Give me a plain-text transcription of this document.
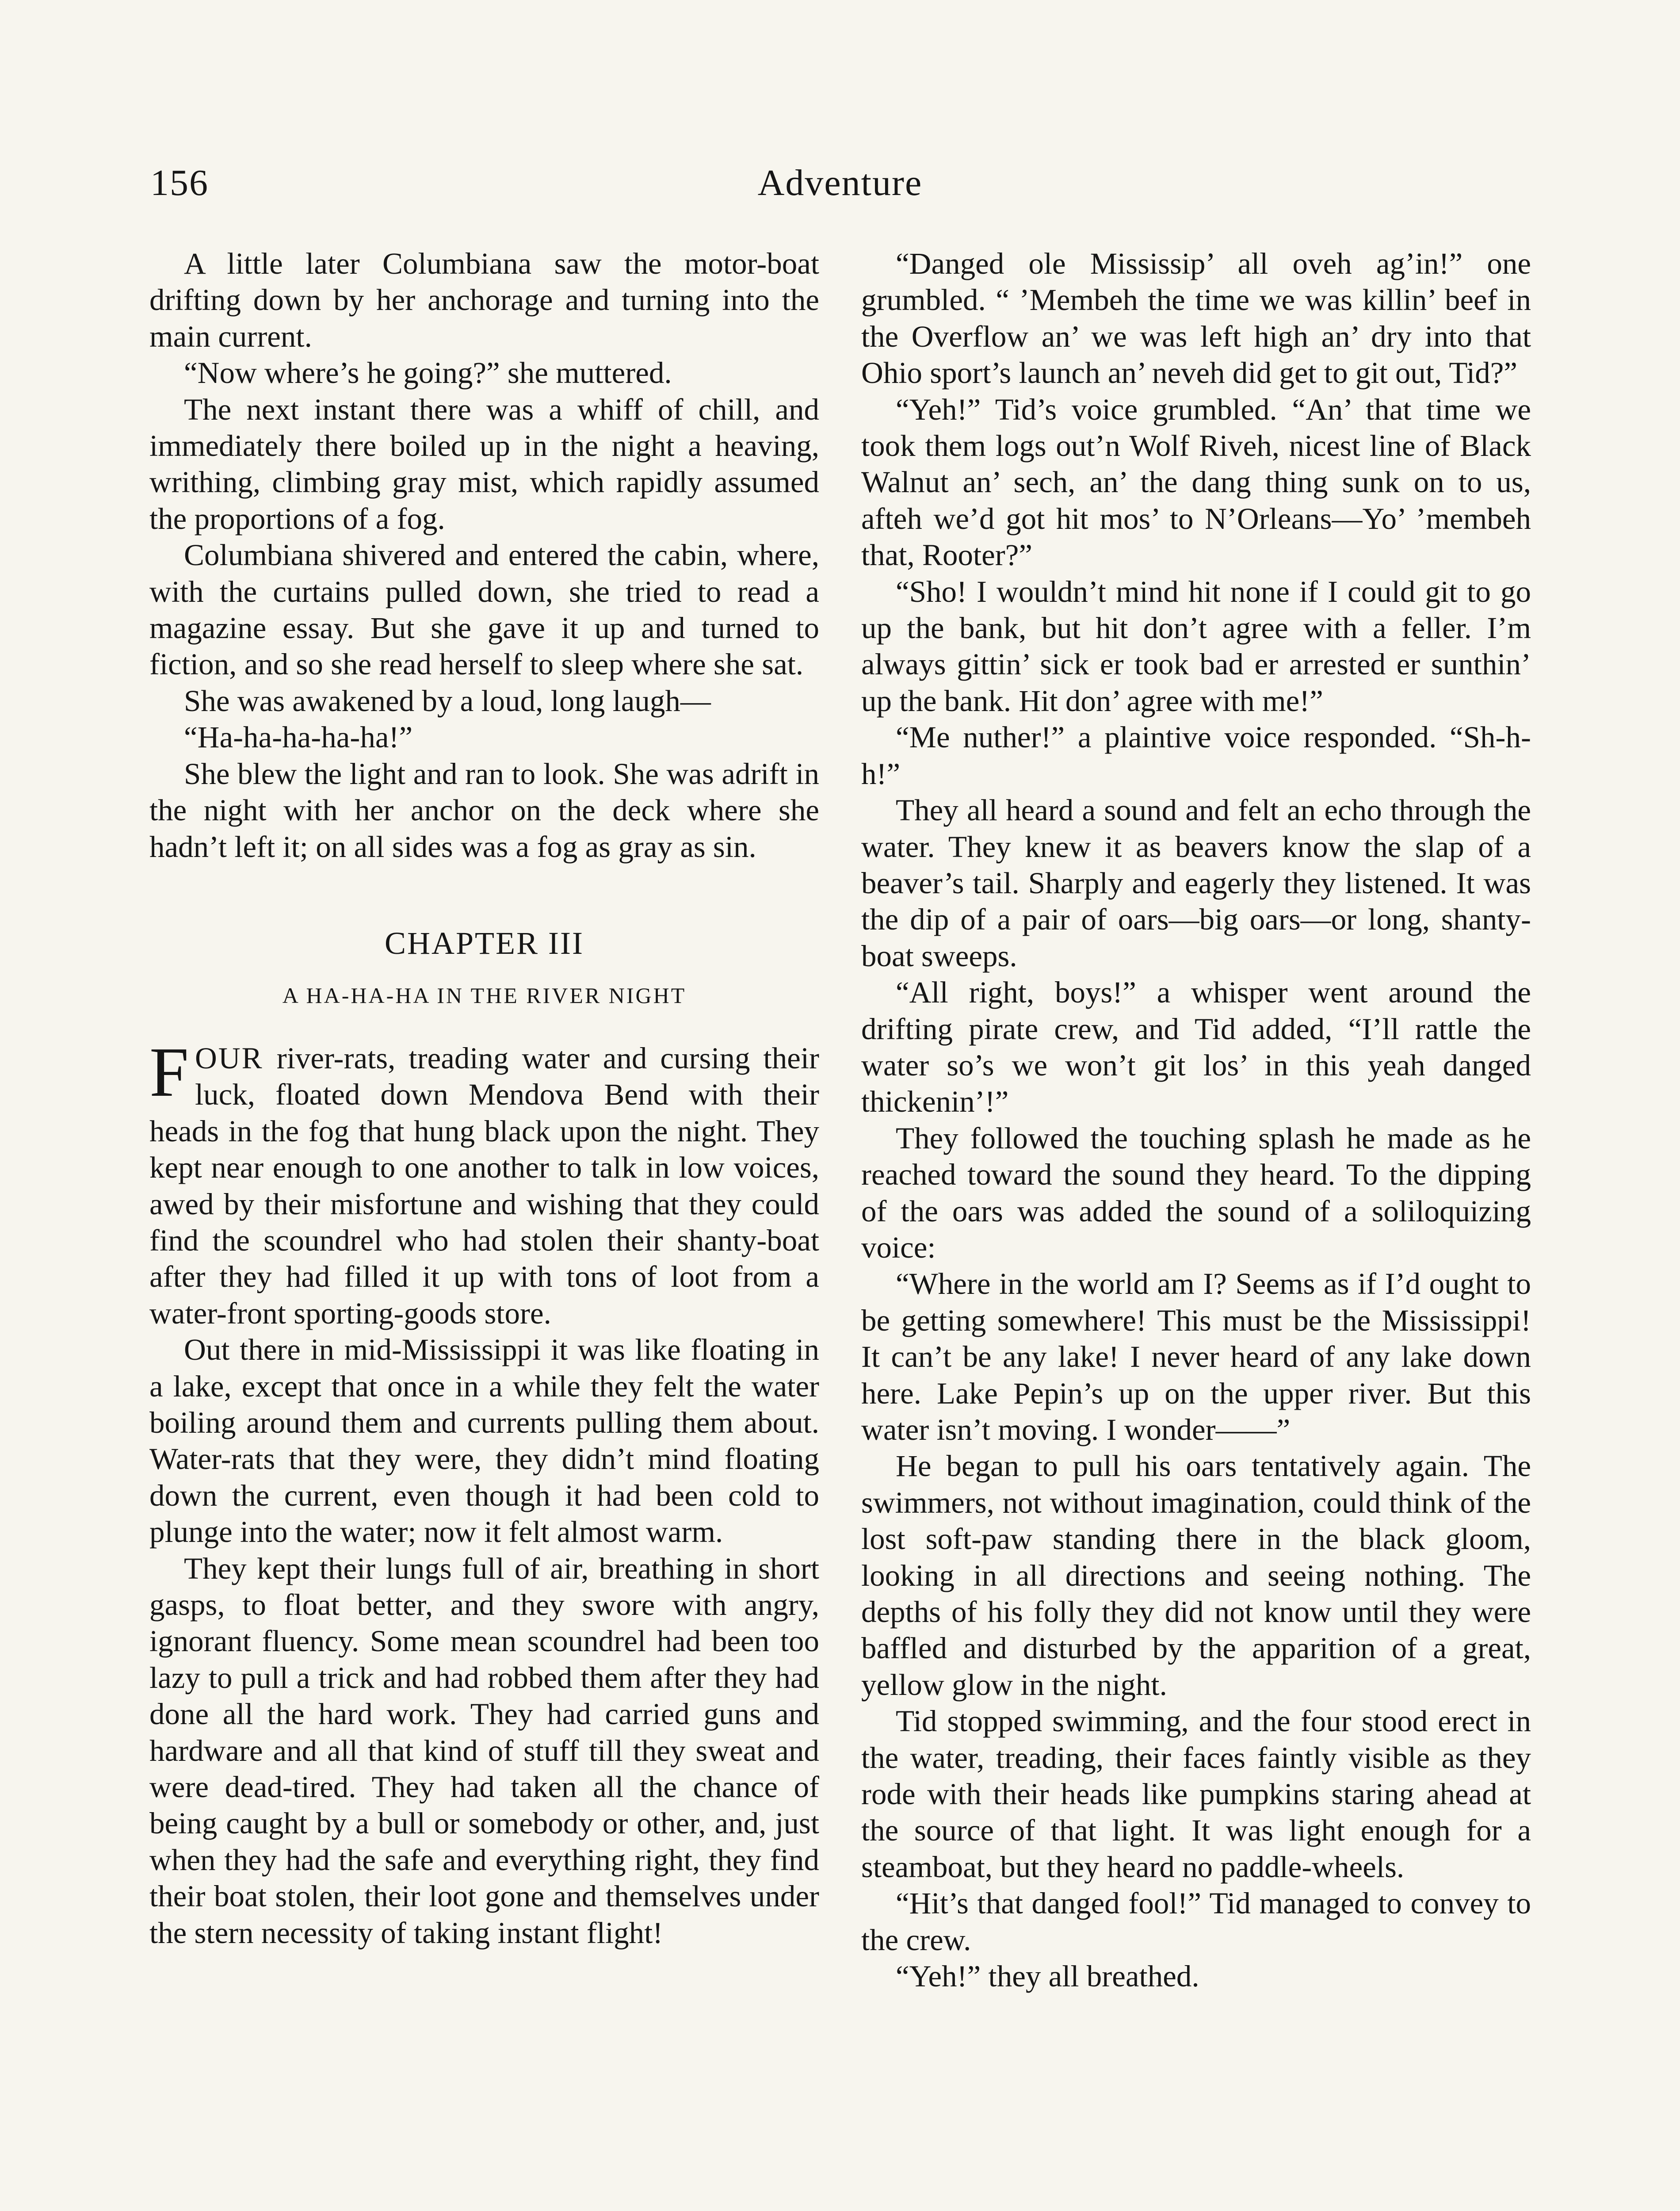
156	Adventure

A little later Columbiana saw the motor-boat drifting down by her anchorage and turning into the main current.

“Now where’s he going?” she muttered.

The next instant there was a whiff of chill, and immediately there boiled up in the night a heaving, writhing, climbing gray mist, which rapidly assumed the proportions of a fog.

Columbiana shivered and entered the cabin, where, with the curtains pulled down, she tried to read a magazine essay. But she gave it up and turned to fiction, and so she read herself to sleep where she sat.

She was awakened by a loud, long laugh—

“Ha-ha-ha-ha-ha!”

She blew the light and ran to look. She was adrift in the night with her anchor on the deck where she hadn’t left it; on all sides was a fog as gray as sin.

CHAPTER III

A HA-HA-HA IN THE RIVER NIGHT

FOUR river-rats, treading water and cursing their luck, floated down Mendova Bend with their heads in the fog that hung black upon the night. They kept near enough to one another to talk in low voices, awed by their misfortune and wishing that they could find the scoundrel who had stolen their shanty-boat after they had filled it up with tons of loot from a water-front sporting-goods store.

Out there in mid-Mississippi it was like floating in a lake, except that once in a while they felt the water boiling around them and currents pulling them about. Water-rats that they were, they didn’t mind floating down the current, even though it had been cold to plunge into the water; now it felt almost warm.

They kept their lungs full of air, breathing in short gasps, to float better, and they swore with angry, ignorant fluency. Some mean scoundrel had been too lazy to pull a trick and had robbed them after they had done all the hard work. They had carried guns and hardware and all that kind of stuff till they sweat and were dead-tired. They had taken all the chance of being caught by a bull or somebody or other, and, just when they had the safe and everything right, they find their boat stolen, their loot gone and themselves under the stern necessity of taking instant flight!

“Danged ole Mississip’ all oveh ag’in!” one grumbled. “ ’Membeh the time we was killin’ beef in the Overflow an’ we was left high an’ dry into that Ohio sport’s launch an’ neveh did get to git out, Tid?”

“Yeh!” Tid’s voice grumbled. “An’ that time we took them logs out’n Wolf Riveh, nicest line of Black Walnut an’ sech, an’ the dang thing sunk on to us, afteh we’d got hit mos’ to N’Orleans—Yo’ ’membeh that, Rooter?”

“Sho! I wouldn’t mind hit none if I could git to go up the bank, but hit don’t agree with a feller. I’m always gittin’ sick er took bad er arrested er sunthin’ up the bank. Hit don’ agree with me!”

“Me nuther!” a plaintive voice responded. “Sh-h-h!”

They all heard a sound and felt an echo through the water. They knew it as beavers know the slap of a beaver’s tail. Sharply and eagerly they listened. It was the dip of a pair of oars—big oars—or long, shanty-boat sweeps.

“All right, boys!” a whisper went around the drifting pirate crew, and Tid added, “I’ll rattle the water so’s we won’t git los’ in this yeah danged thickenin’!”

They followed the touching splash he made as he reached toward the sound they heard. To the dipping of the oars was added the sound of a soliloquizing voice:

“Where in the world am I? Seems as if I’d ought to be getting somewhere! This must be the Mississippi! It can’t be any lake! I never heard of any lake down here. Lake Pepin’s up on the upper river. But this water isn’t moving. I wonder——”

He began to pull his oars tentatively again. The swimmers, not without imagination, could think of the lost soft-paw standing there in the black gloom, looking in all directions and seeing nothing. The depths of his folly they did not know until they were baffled and disturbed by the apparition of a great, yellow glow in the night.

Tid stopped swimming, and the four stood erect in the water, treading, their faces faintly visible as they rode with their heads like pumpkins staring ahead at the source of that light. It was light enough for a steamboat, but they heard no paddle-wheels.

“Hit’s that danged fool!” Tid managed to convey to the crew.

“Yeh!” they all breathed.
